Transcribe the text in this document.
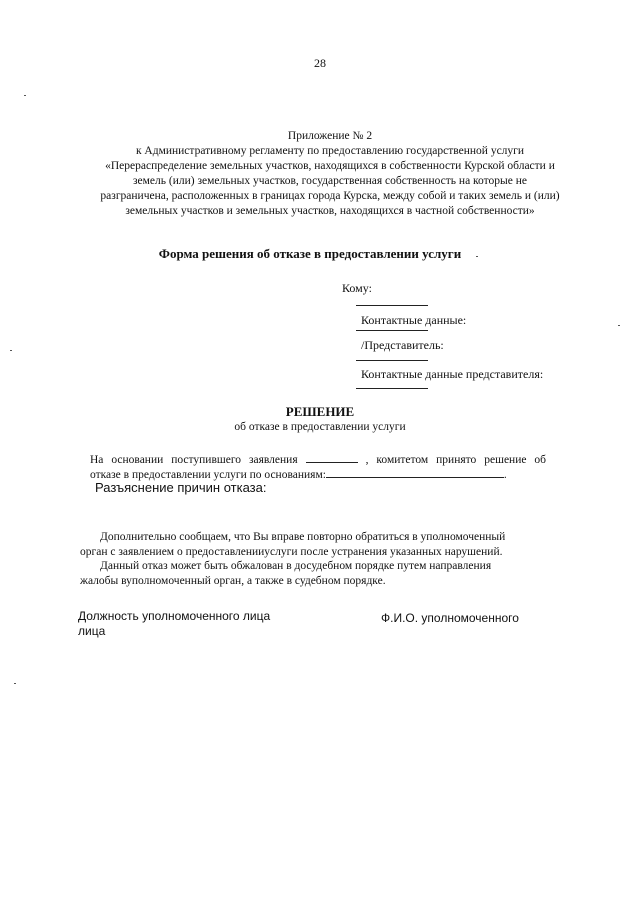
28
Приложение № 2
к Административному регламенту по предоставлению государственной услуги
«Перераспределение земельных участков, находящихся в собственности Курской области и
земель (или) земельных участков, государственная собственность на которые не
разграничена, расположенных в границах города Курска, между собой и таких земель и (или)
земельных участков и земельных участков, находящихся в частной собственности»
Форма решения об отказе в предоставлении услуги
Кому:
Контактные данные:
/Представитель:
Контактные данные представителя:
РЕШЕНИЕ
об отказе в предоставлении услуги
На основании поступившего заявления	, комитетом принято решение об
отказе в предоставлении услуги по основаниям:	.
Разъяснение причин отказа:
Дополнительно сообщаем, что Вы вправе повторно обратиться в уполномоченный
орган с заявлением о предоставленииуслуги после устранения указанных нарушений.
Данный отказ может быть обжалован в досудебном порядке путем направления
жалобы вуполномоченный орган, а также в судебном порядке.
Должность уполномоченного лица
лица
Ф.И.О. уполномоченного
